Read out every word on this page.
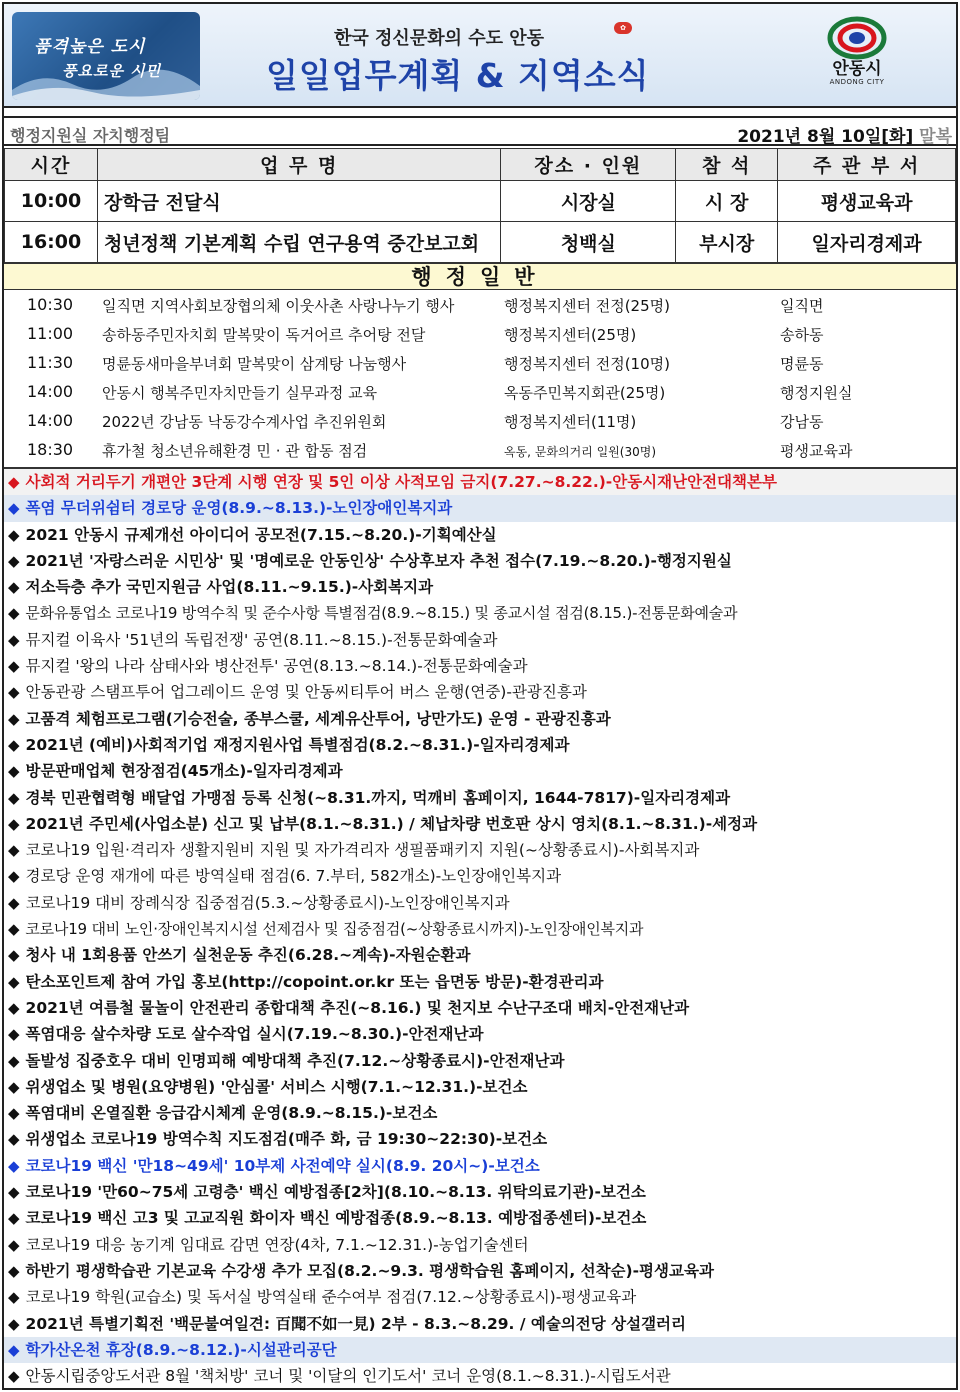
품격높은 도시
풍요로운 시민
한국 정신문화의 수도 안동	✿
일일업무계획 & 지역소식	안동시
ANDONG CITY
행정지원실 자치행정팀	2021년 8월 10일[화] 말복
시간	업 무 명	장소 · 인원	참 석	주 관 부 서
10:00	장학금 전달식	시장실	시 장	평생교육과
16:00	청년정책 기본계획 수립 연구용역 중간보고회	청백실	부시장	일자리경제과
행정일반
10:30 일직면 지역사회보장협의체 이웃사촌 사랑나누기 행사	행정복지센터 전정(25명)	일직면
11:00 송하동주민자치회 말복맞이 독거어르 추어탕 전달	행정복지센터(25명)	송하동
11:30 명륜동새마을부녀회 말복맞이 삼계탕 나눔행사	행정복지센터 전정(10명)	명륜동
14:00 안동시 행복주민자치만들기 실무과정 교육	옥동주민복지회관(25명)	행정지원실
14:00 2022년 강남동 낙동강수계사업 추진위원회	행정복지센터(11명)	강남동
18:30 휴가철 청소년유해환경 민 · 관 합동 점검	옥동, 문화의거리 일원(30명)	평생교육과
◆ 사회적 거리두기 개편안 3단계 시행 연장 및 5인 이상 사적모임 금지(7.27.~8.22.)-안동시재난안전대책본부
◆ 폭염 무더위쉼터 경로당 운영(8.9.~8.13.)-노인장애인복지과
◆ 2021 안동시 규제개선 아이디어 공모전(7.15.~8.20.)-기획예산실
◆ 2021년 '자랑스러운 시민상' 및 '명예로운 안동인상' 수상후보자 추천 접수(7.19.~8.20.)-행정지원실
◆ 저소득층 추가 국민지원금 사업(8.11.~9.15.)-사회복지과
◆ 문화유통업소 코로나19 방역수칙 및 준수사항 특별점검(8.9.~8.15.) 및 종교시설 점검(8.15.)-전통문화예술과
◆ 뮤지컬 이육사 '51년의 독립전쟁' 공연(8.11.~8.15.)-전통문화예술과
◆ 뮤지컬 '왕의 나라 삼태사와 병산전투' 공연(8.13.~8.14.)-전통문화예술과
◆ 안동관광 스탬프투어 업그레이드 운영 및 안동씨티투어 버스 운행(연중)-관광진흥과
◆ 고품격 체험프로그램(기승전술, 종부스쿨, 세계유산투어, 낭만가도) 운영 - 관광진흥과
◆ 2021년 (예비)사회적기업 재정지원사업 특별점검(8.2.~8.31.)-일자리경제과
◆ 방문판매업체 현장점검(45개소)-일자리경제과
◆ 경북 민관협력형 배달업 가맹점 등록 신청(~8.31.까지, 먹깨비 홈페이지, 1644-7817)-일자리경제과
◆ 2021년 주민세(사업소분) 신고 및 납부(8.1.~8.31.) / 체납차량 번호판 상시 영치(8.1.~8.31.)-세정과
◆ 코로나19 입원·격리자 생활지원비 지원 및 자가격리자 생필품패키지 지원(~상황종료시)-사회복지과
◆ 경로당 운영 재개에 따른 방역실태 점검(6. 7.부터, 582개소)-노인장애인복지과
◆ 코로나19 대비 장례식장 집중점검(5.3.~상황종료시)-노인장애인복지과
◆ 코로나19 대비 노인·장애인복지시설 선제검사 및 집중점검(~상황종료시까지)-노인장애인복지과
◆ 청사 내 1회용품 안쓰기 실천운동 추진(6.28.~계속)-자원순환과
◆ 탄소포인트제 참여 가입 홍보(http://copoint.or.kr 또는 읍면동 방문)-환경관리과
◆ 2021년 여름철 물놀이 안전관리 종합대책 추진(~8.16.) 및 천지보 수난구조대 배치-안전재난과
◆ 폭염대응 살수차량 도로 살수작업 실시(7.19.~8.30.)-안전재난과
◆ 돌발성 집중호우 대비 인명피해 예방대책 추진(7.12.~상황종료시)-안전재난과
◆ 위생업소 및 병원(요양병원) '안심콜' 서비스 시행(7.1.~12.31.)-보건소
◆ 폭염대비 온열질환 응급감시체계 운영(8.9.~8.15.)-보건소
◆ 위생업소 코로나19 방역수칙 지도점검(매주 화, 금 19:30~22:30)-보건소
◆ 코로나19 백신 '만18~49세' 10부제 사전예약 실시(8.9. 20시~)-보건소
◆ 코로나19 '만60~75세 고령층' 백신 예방접종[2차](8.10.~8.13. 위탁의료기관)-보건소
◆ 코로나19 백신 고3 및 고교직원 화이자 백신 예방접종(8.9.~8.13. 예방접종센터)-보건소
◆ 코로나19 대응 농기계 임대료 감면 연장(4차, 7.1.~12.31.)-농업기술센터
◆ 하반기 평생학습관 기본교육 수강생 추가 모집(8.2.~9.3. 평생학습원 홈페이지, 선착순)-평생교육과
◆ 코로나19 학원(교습소) 및 독서실 방역실태 준수여부 점검(7.12.~상황종료시)-평생교육과
◆ 2021년 특별기획전 '백문불여일견: 百聞不如一見) 2부 - 8.3.~8.29. / 예술의전당 상설갤러리
◆ 학가산온천 휴장(8.9.~8.12.)-시설관리공단
◆ 안동시립중앙도서관 8월 '책처방' 코너 및 '이달의 인기도서' 코너 운영(8.1.~8.31.)-시립도서관
